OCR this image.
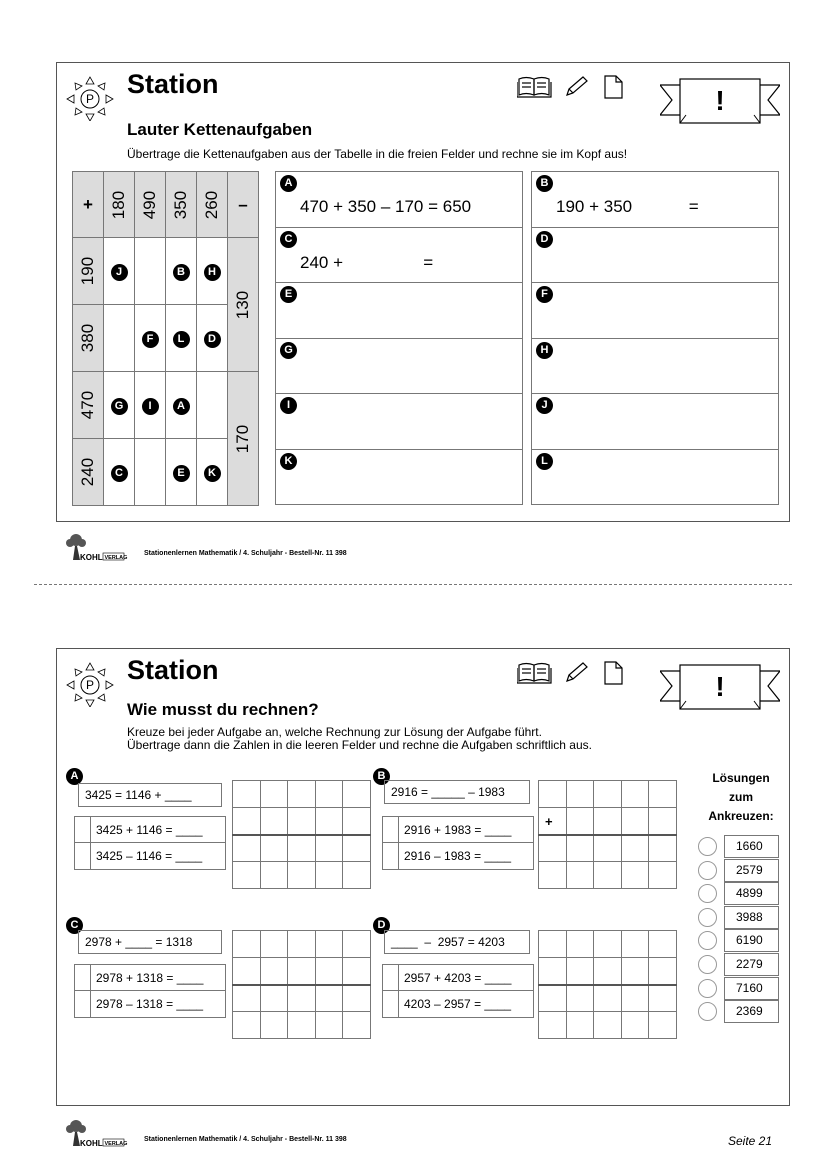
P Station
!
Lauter Kettenaufgaben
Übertrage die Kettenaufgaben aus der Tabelle in die freien Felder und rechne sie im Kopf aus!
+	180	490	350	260	–
190	J		B	H	130
380		F	L	D	
470	G	I	A		170
240	C		E	K	
A
470 + 350 – 170 = 650
C
240 +                 =
E
G
I
K
B
190 + 350            =
D
F
H
J
L
KOHL VERLAG
Stationenlernen Mathematik / 4. Schuljahr - Bestell-Nr. 11 398
P Station
!
Wie musst du rechnen?
Kreuze bei jeder Aufgabe an, welche Rechnung zur Lösung der Aufgabe führt.
Übertrage dann die Zahlen in die leeren Felder und rechne die Aufgaben schriftlich aus.
A
3425 = 1146 + ____
3425 + 1146 = ____
3425 – 1146 = ____

B
2916 = _____ – 1983
2916 + 1983 = ____
2916 – 1983 = ____

+				

C
2978 + ____ = 1318
2978 + 1318 = ____
2978 – 1318 = ____

D
____  –  2957 = 4203
2957 + 4203 = ____
4203 – 2957 = ____

Lösungen
zum
Ankreuzen:
1660
2579
4899
3988
6190
2279
7160
2369
KOHL VERLAG
Stationenlernen Mathematik / 4. Schuljahr - Bestell-Nr. 11 398	Seite 21
